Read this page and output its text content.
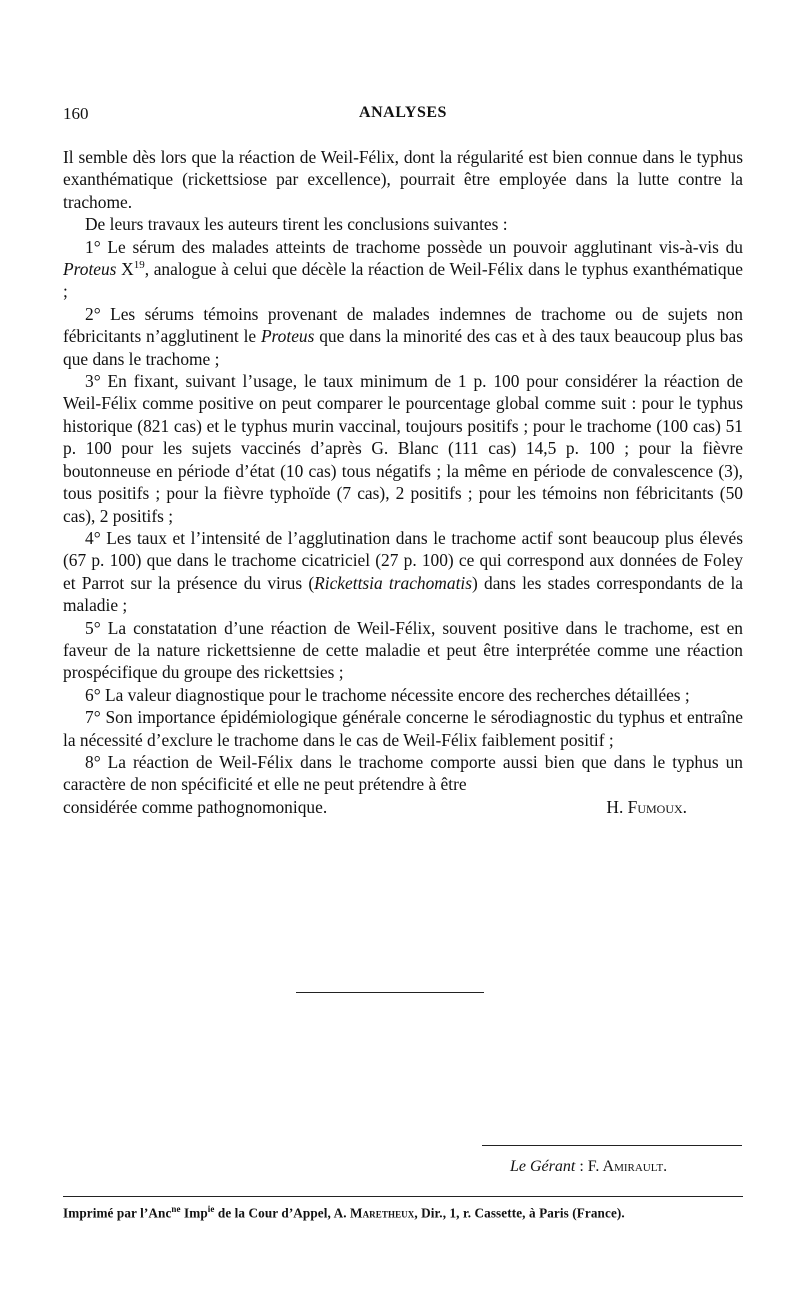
160	ANALYSES

Il semble dès lors que la réaction de Weil-Félix, dont la régularité est bien connue dans le typhus exanthématique (rickettsiose par excellence), pourrait être employée dans la lutte contre la trachome.

De leurs travaux les auteurs tirent les conclusions suivantes :

1° Le sérum des malades atteints de trachome possède un pouvoir agglutinant vis-à-vis du Proteus $X^{19}$, analogue à celui que décèle la réaction de Weil-Félix dans le typhus exanthématique ;

2° Les sérums témoins provenant de malades indemnes de trachome ou de sujets non fébricitants n’agglutinent le Proteus que dans la minorité des cas et à des taux beaucoup plus bas que dans le trachome ;

3° En fixant, suivant l’usage, le taux minimum de 1 p. 100 pour considérer la réaction de Weil-Félix comme positive on peut comparer le pourcentage global comme suit : pour le typhus historique (821 cas) et le typhus murin vaccinal, toujours positifs ; pour le trachome (100 cas) 51 p. 100 pour les sujets vaccinés d’après G. Blanc (111 cas) 14,5 p. 100 ; pour la fièvre boutonneuse en période d’état (10 cas) tous négatifs ; la même en période de convalescence (3), tous positifs ; pour la fièvre typhoïde (7 cas), 2 positifs ; pour les témoins non fébricitants (50 cas), 2 positifs ;

4° Les taux et l’intensité de l’agglutination dans le trachome actif sont beaucoup plus élevés (67 p. 100) que dans le trachome cicatriciel (27 p. 100) ce qui correspond aux données de Foley et Parrot sur la présence du virus (Rickettsia trachomatis) dans les stades correspondants de la maladie ;

5° La constatation d’une réaction de Weil-Félix, souvent positive dans le trachome, est en faveur de la nature rickettsienne de cette maladie et peut être interprétée comme une réaction prospécifique du groupe des rickettsies ;

6° La valeur diagnostique pour le trachome nécessite encore des recherches détaillées ;

7° Son importance épidémiologique générale concerne le sérodiagnostic du typhus et entraîne la nécessité d’exclure le trachome dans le cas de Weil-Félix faiblement positif ;

8° La réaction de Weil-Félix dans le trachome comporte aussi bien que dans le typhus un caractère de non spécificité et elle ne peut prétendre à être

considérée comme pathognomonique.	H. Fumoux.
Le Gérant : F. Amirault.
Imprimé par l’Anc$^{ne}$ Imp$^{ie}$ de la Cour d’Appel, A. Maretheux, Dir., 1, r. Cassette, à Paris (France).
